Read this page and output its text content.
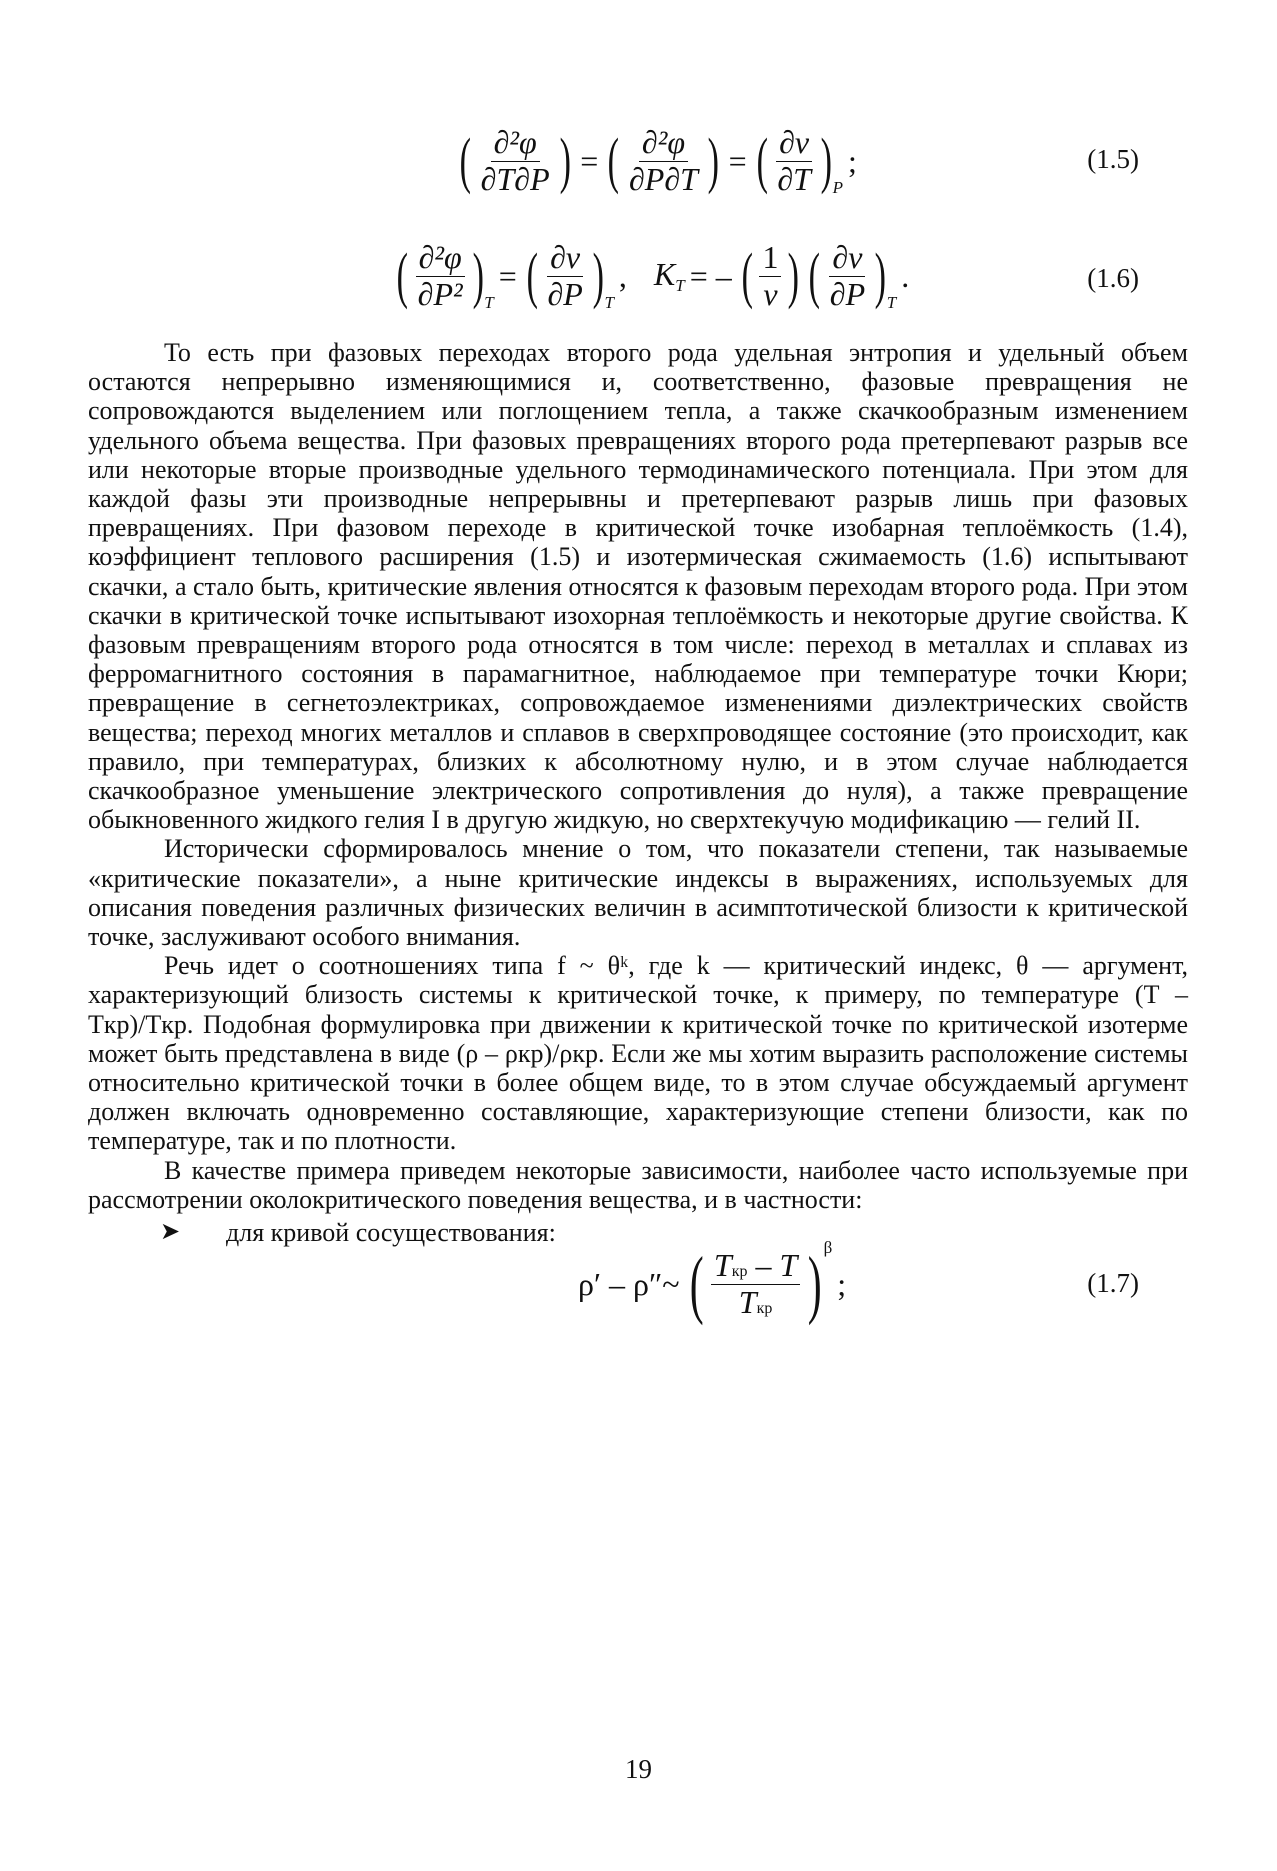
( $\frac{\text{∂²φ}}{\partial T\partial P}$ ) = ( $\frac{\text{∂²φ}}{\partial P\partial T}$ ) = ( $\frac{\partial v}{\partial T}$ ) P
;	(1.5)
( $\frac{\text{∂²φ}}{\text{∂P²}}$ ) T
= ( $\frac{\partial v}{\partial P}$ ) T
, KT = – ( $\frac{1}{v}$ ) ( $\frac{\partial v}{\partial P}$ ) T
.	(1.6)

То есть при фазовых переходах второго рода удельная энтропия и удельный объем остаются непрерывно изменяющимися и, соответственно, фазовые превращения не сопровождаются выделением или поглощением тепла, а также скачкообразным изменением удельного объема вещества. При фазовых превращениях второго рода претерпевают разрыв все или некоторые вторые производные удельного термодинамического потенциала. При этом для каждой фазы эти производные непрерывны и претерпевают разрыв лишь при фазовых превращениях. При фазовом переходе в критической точке изобарная теплоёмкость (1.4), коэффициент теплового расширения (1.5) и изотермическая сжимаемость (1.6) испытывают скачки, а стало быть, критические явления относятся к фазовым переходам второго рода. При этом скачки в критической точке испытывают изохорная теплоёмкость и некоторые другие свойства. К фазовым превращениям второго рода относятся в том числе: переход в металлах и сплавах из ферромагнитного состояния в парамагнитное, наблюдаемое при температуре точки Кюри; превращение в сегнетоэлектриках, сопровождаемое изменениями диэлектрических свойств вещества; переход многих металлов и сплавов в сверхпроводящее состояние (это происходит, как правило, при температурах, близких к абсолютному нулю, и в этом случае наблюдается скачкообразное уменьшение электрического сопротивления до нуля), а также превращение обыкновенного жидкого гелия I в другую жидкую, но сверхтекучую модификацию — гелий II.

Исторически сформировалось мнение о том, что показатели степени, так называемые «критические показатели», а ныне критические индексы в выражениях, используемых для описания поведения различных физических величин в асимптотической близости к критической точке, заслуживают особого внимания.

Речь идет о соотношениях типа f ~ θᵏ, где k — критический индекс, θ — аргумент, характеризующий близость системы к критической точке, к примеру, по температуре (T – Tкр)/Tкр. Подобная формулировка при движении к критической точке по критической изотерме может быть представлена в виде (ρ – ρкр)/ρкр. Если же мы хотим выразить расположение системы относительно критической точки в более общем виде, то в этом случае обсуждаемый аргумент должен включать одновременно составляющие, характеризующие степени близости, как по температуре, так и по плотности.

В качестве примера приведем некоторые зависимости, наиболее часто используемые при рассмотрении околокритического поведения вещества, и в частности:

➤	для кривой сосуществования:
ρ′ – ρ″~ ( $\frac{\text{Tкр – T}}{\text{Tкр}}$ ) β
;	(1.7)
19
